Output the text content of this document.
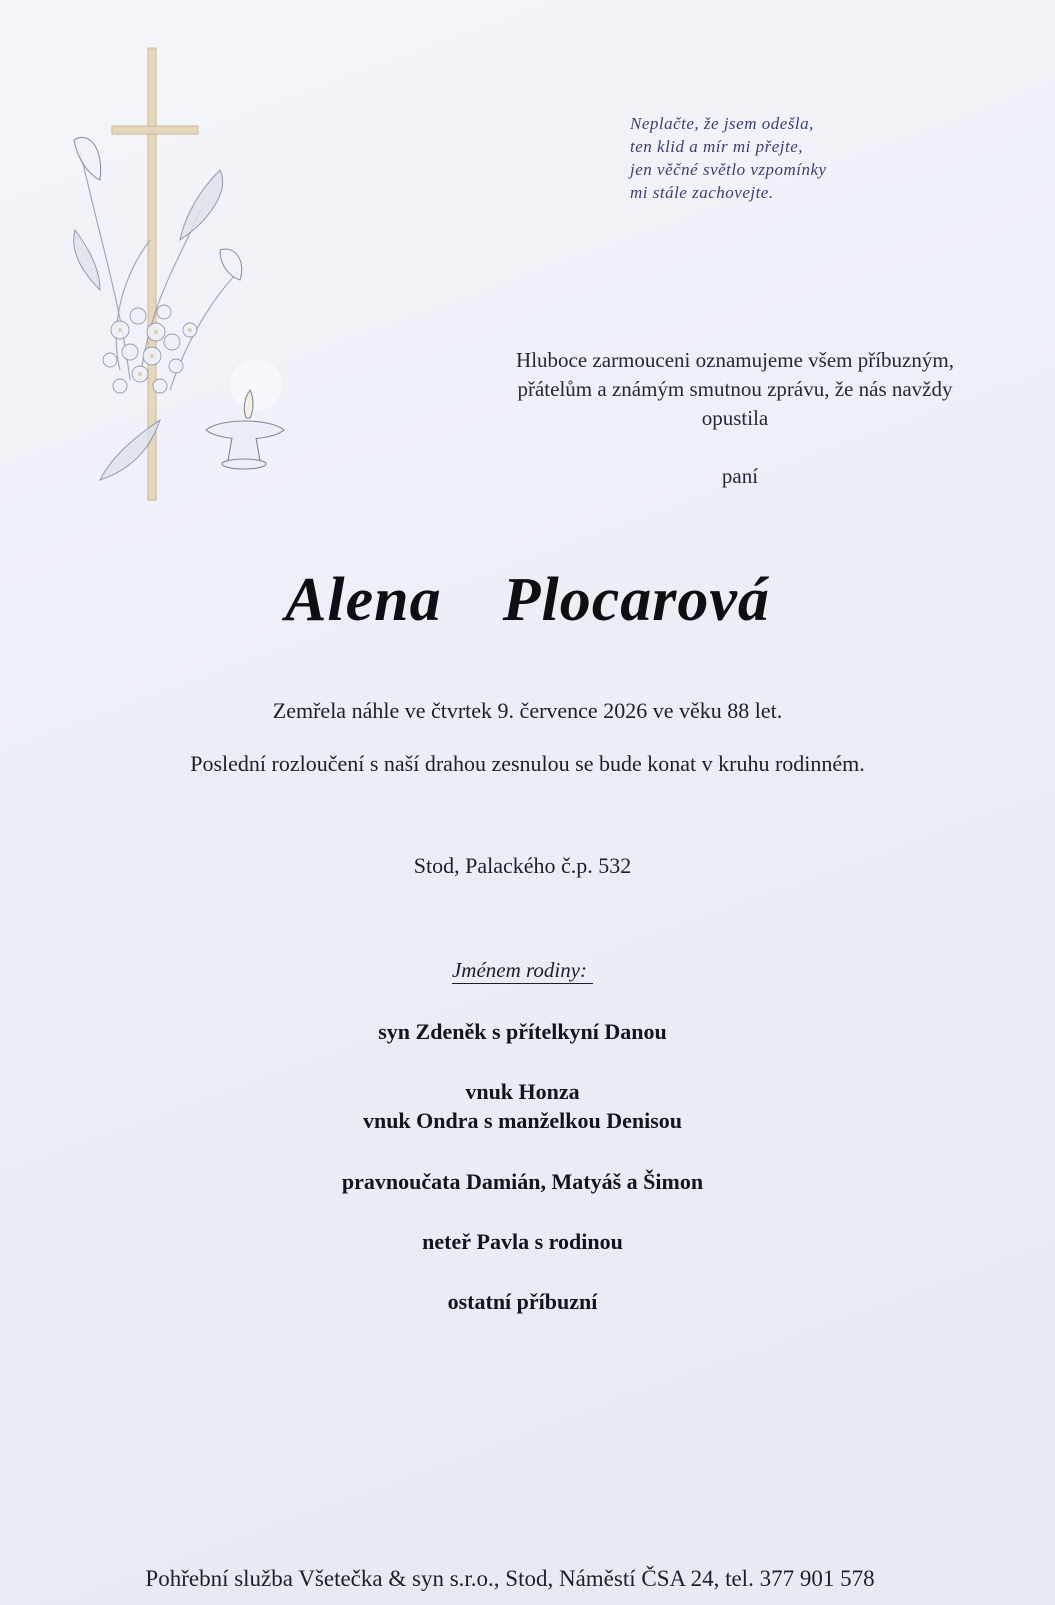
Neplačte, že jsem odešla,
ten klid a mír mi přejte,
jen věčné světlo vzpomínky
mi stále zachovejte.
Hluboce zarmouceni oznamujeme všem příbuzným,
přátelům a známým smutnou zprávu, že nás navždy
opustila
paní
Alena  Plocarová
Zemřela náhle ve čtvrtek 9. července 2026 ve věku 88 let.
Poslední rozloučení s naší drahou zesnulou se bude konat v kruhu rodinném.
Stod, Palackého č.p. 532
Jménem rodiny:
syn Zdeněk s přítelkyní Danou
vnuk Honza
vnuk Ondra s manželkou Denisou
pravnoučata Damián, Matyáš a Šimon
neteř Pavla s rodinou
ostatní příbuzní
Pohřební služba Všetečka & syn s.r.o., Stod, Náměstí ČSA 24, tel. 377 901 578
